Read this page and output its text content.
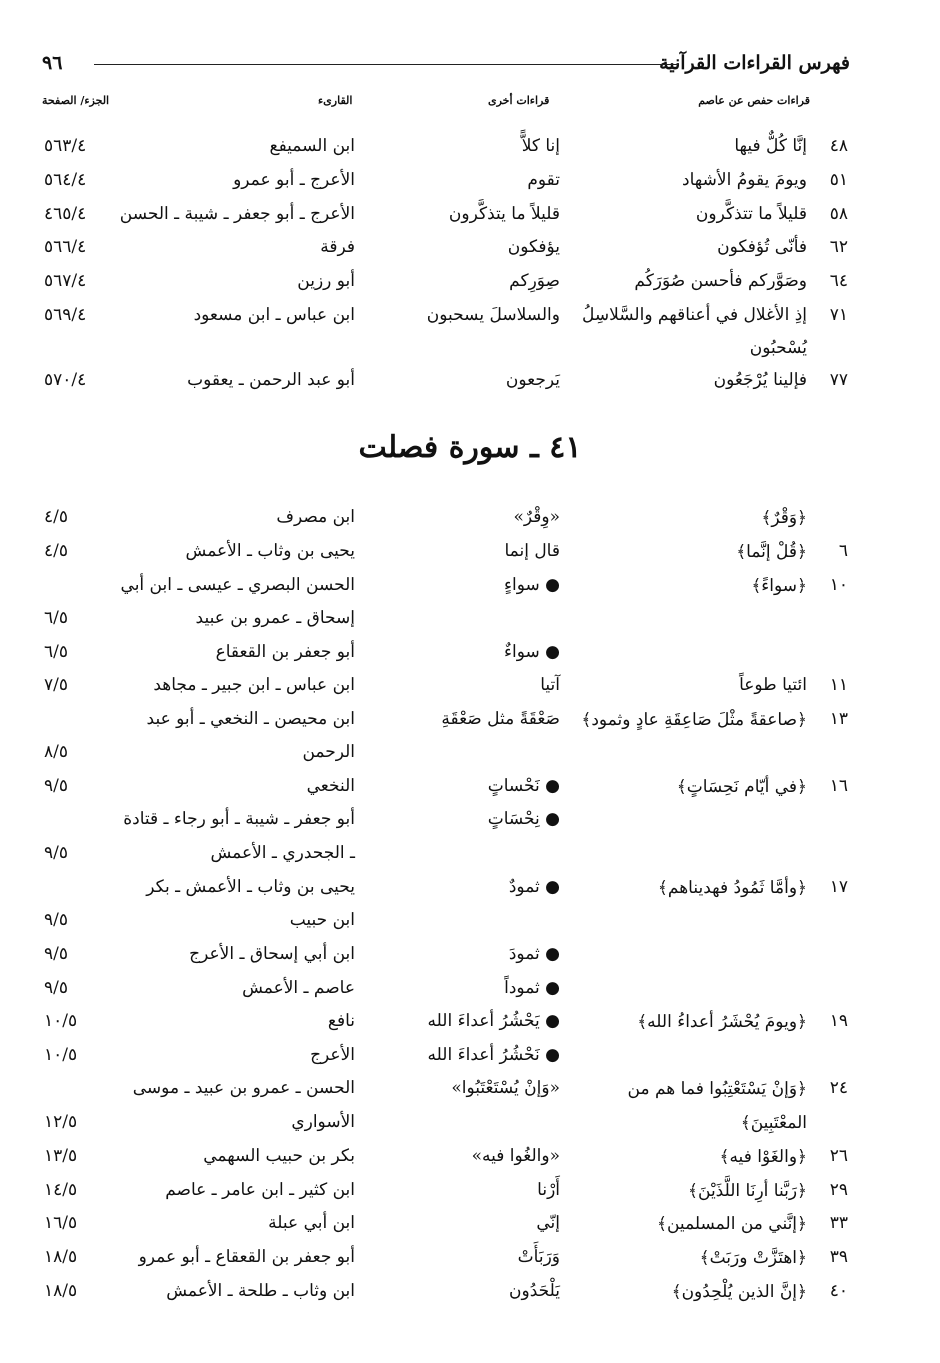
فهرس القراءات القرآنية
٩٦
قراءات حفص عن عاصم
قراءات أخرى
القارىء
الجزء/ الصفحة
٤٨
إنَّا كُلٌّ فيها
إنا كلاًّ
ابن السميفع
٥٦٣/٤
٥١
ويومَ يقومُ الأشهاد
تقوم
الأعرج ـ أبو عمرو
٥٦٤/٤
٥٨
قليلاً ما تتذكَّرون
قليلاً ما يتذكَّرون
الأعرج ـ أبو جعفر ـ شيبة ـ الحسن
٤٦٥/٤
٦٢
فأنّى تُؤفكون
يؤفكون
فرقة
٥٦٦/٤
٦٤
وصَوَّركم فأحسن صُوَرَكُم
صِوَرِكم
أبو رزين
٥٦٧/٤
٧١
إذِ الأغلال في أعناقهم والسَّلاسِلُ
والسلاسلَ يسحبون
ابن عباس ـ ابن مسعود
٥٦٩/٤
يُسْحبُون
٧٧
فإلينا يُرْجَعُون
يَرجعون
أبو عبد الرحمن ـ يعقوب
٥٧٠/٤
٤١ ـ سورة فصلت
﴿وَقْرٌ﴾
«وِقْرٌ»
ابن مصرف
٤/٥
٦
﴿قُلْ إنَّما﴾
قال إنما
يحيى بن وثاب ـ الأعمش
٤/٥
١٠
﴿سواءً﴾
● سواءٍ
الحسن البصري ـ عيسى ـ ابن أبي
إسحاق ـ عمرو بن عبيد
٦/٥
● سواءٌ
أبو جعفر بن القعقاع
٦/٥
١١
ائتيا طوعاً
آتيا
ابن عباس ـ ابن جبير ـ مجاهد
٧/٥
١٣
﴿صاعقةً مثْلَ صَاعِقَةِ عادٍ وثمود﴾
صَعْقَةً مثل صَعْقَةِ
ابن محيصن ـ النخعي ـ أبو عبد
الرحمن
٨/٥
١٦
﴿في أيّام نَحِسَاتٍ﴾
● نَحْساتٍ
النخعي
٩/٥
● نِحْسَاتٍ
أبو جعفر ـ شيبة ـ أبو رجاء ـ قتادة
ـ الجحدري ـ الأعمش
٩/٥
١٧
﴿وأمَّا ثَمُودُ فهديناهم﴾
● ثمودٌ
يحيى بن وثاب ـ الأعمش ـ بكر
ابن حبيب
٩/٥
● ثمودَ
ابن أبي إسحاق ـ الأعرج
٩/٥
● ثموداً
عاصم ـ الأعمش
٩/٥
١٩
﴿ويومَ يُحْشَرُ أعداءُ الله﴾
● يَحْشُرُ أعداءَ الله
نافع
١٠/٥
● نَحْشُرُ أعداءَ الله
الأعرج
١٠/٥
٢٤
﴿وَإنْ يَسْتَعْتِبُوا فما هم من
«وَإنْ يُسْتَعْتَبُوا»
الحسن ـ عمرو بن عبيد ـ موسى
المعْتَبِينَ﴾
الأسواري
١٢/٥
٢٦
﴿والغَوْا فيه﴾
«والغُوا فيه»
بكر بن حبيب السهمي
١٣/٥
٢٩
﴿رَبَّنا أرِنَا اللَّذَيْنَ﴾
أَرْنا
ابن كثير ـ ابن عامر ـ عاصم
١٤/٥
٣٣
﴿إنَّني من المسلمين﴾
إنّي
ابن أبي عبلة
١٦/٥
٣٩
﴿اهتَزَّتْ ورَبَتْ﴾
وَرَبَأَتْ
أبو جعفر بن القعقاع ـ أبو عمرو
١٨/٥
٤٠
﴿إنَّ الذين يُلْحِدُون﴾
يَلْحَدُون
ابن وثاب ـ طلحة ـ الأعمش
١٨/٥
